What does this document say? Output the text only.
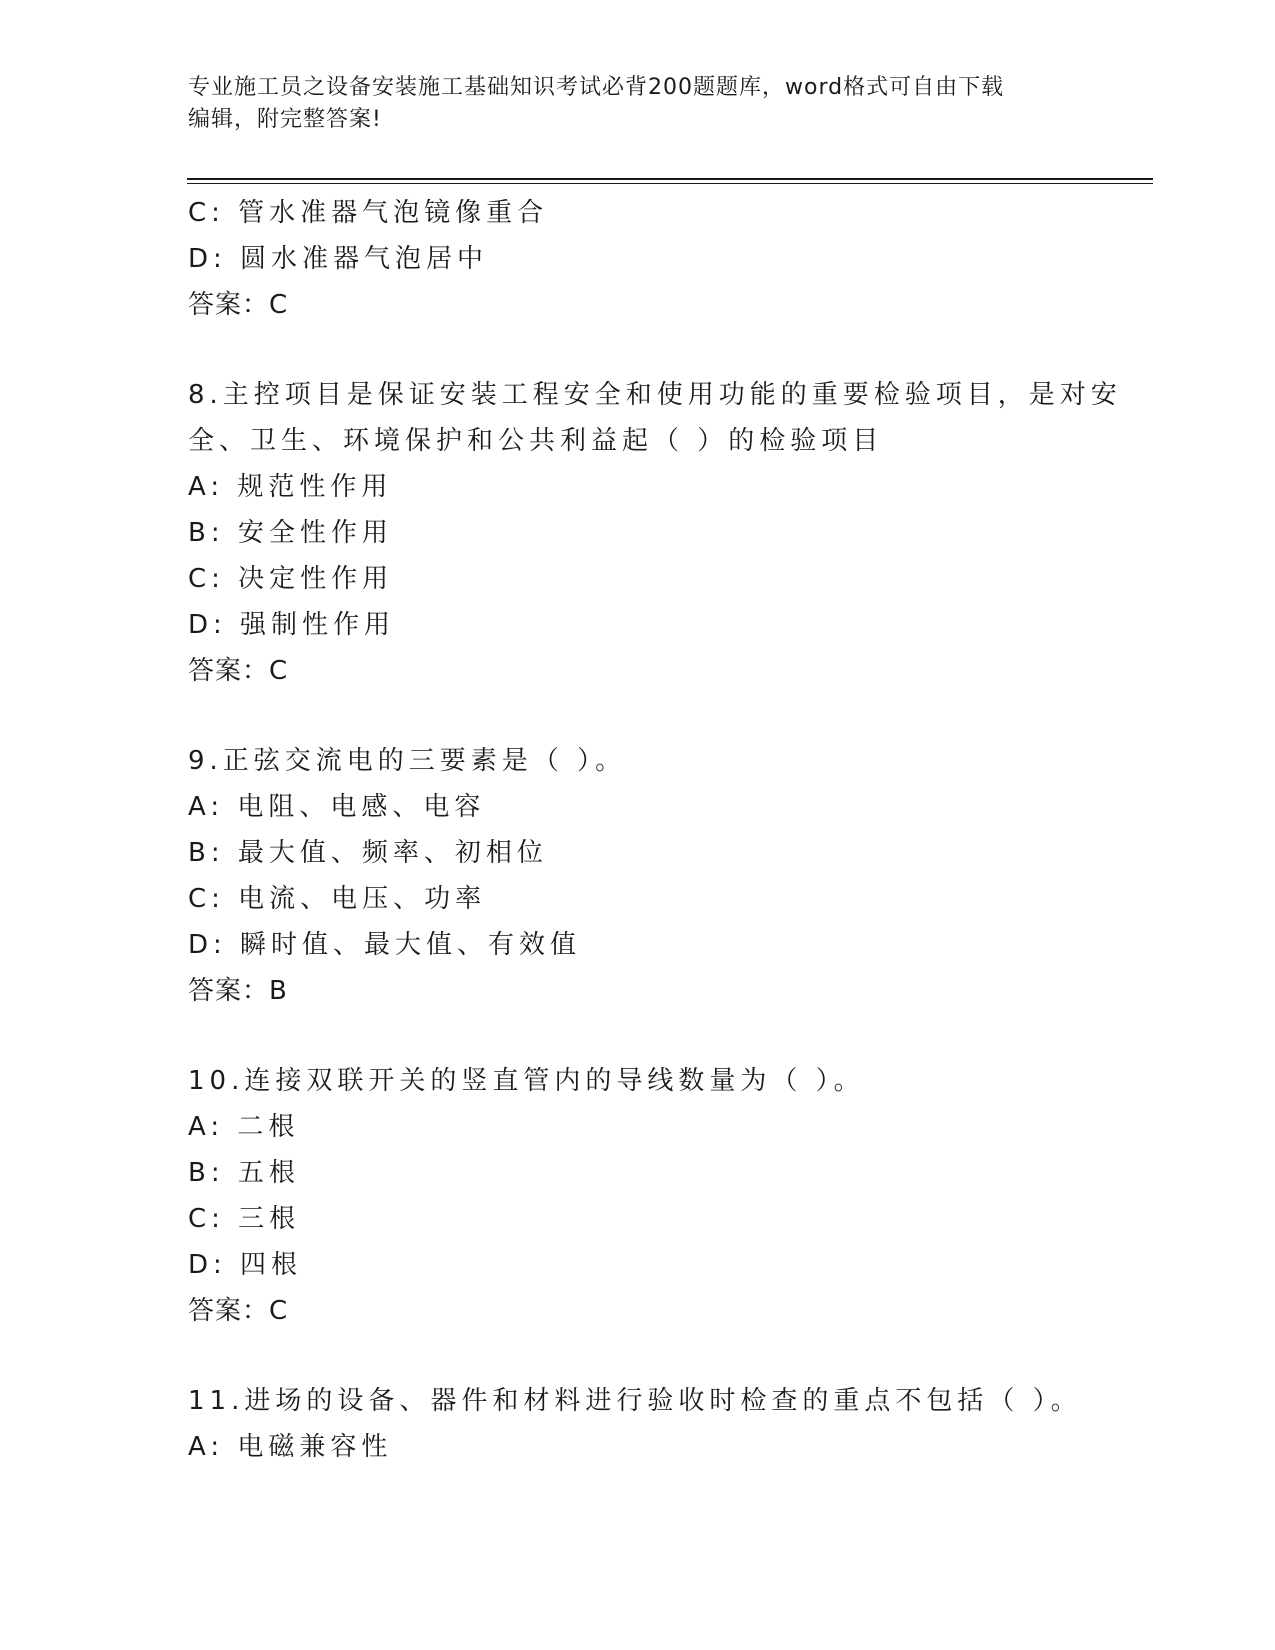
专业施工员之设备安装施工基础知识考试必背200题题库，word格式可自由下载
编辑，附完整答案!
C: 管水准器气泡镜像重合
D: 圆水准器气泡居中
答案：C
8.主控项目是保证安装工程安全和使用功能的重要检验项目，是对安
全、卫生、环境保护和公共利益起（ ）的检验项目
A: 规范性作用
B: 安全性作用
C: 决定性作用
D: 强制性作用
答案：C
9.正弦交流电的三要素是（ ）。
A: 电阻、电感、电容
B: 最大值、频率、初相位
C: 电流、电压、功率
D: 瞬时值、最大值、有效值
答案：B
10.连接双联开关的竖直管内的导线数量为（ ）。
A: 二根
B: 五根
C: 三根
D: 四根
答案：C
11.进场的设备、器件和材料进行验收时检查的重点不包括（ ）。
A: 电磁兼容性
